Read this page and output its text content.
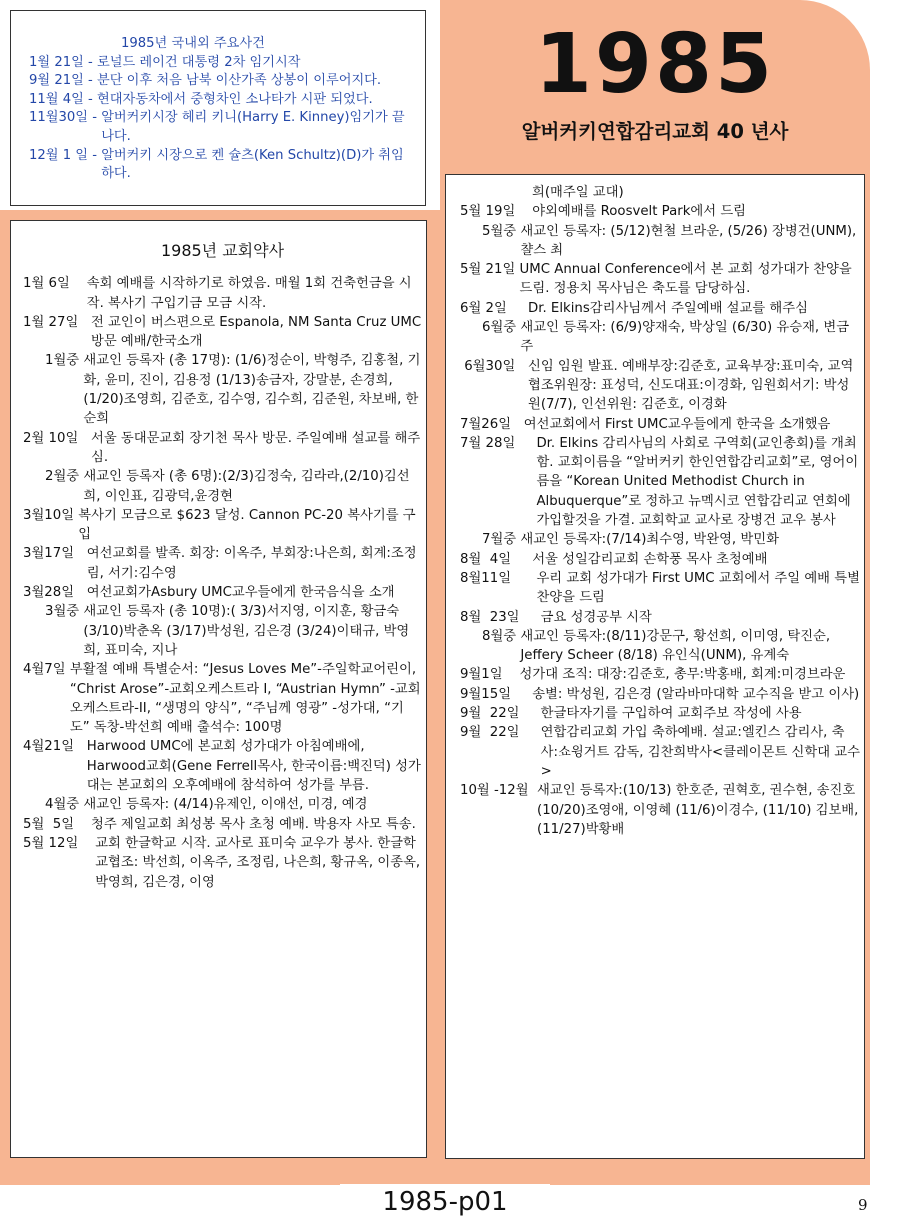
1985년 국내외 주요사건
1월 21일 - 로널드 레이건 대통령 2차 임기시작
9월 21일 - 분단 이후 처음 남북 이산가족 상봉이 이루어지다.
11월 4일 - 현대자동차에서 중형차인 소나타가 시판 되었다.
11월30일 - 알버커키시장 헤리 키니(Harry E. Kinney)임기가 끝나다.
12월 1 일 - 알버커키 시장으로 켄 슐츠(Ken Schultz)(D)가 취임하다.
1985
알버커키연합감리교회 40 년사
1985년 교회약사
1월 6일 속회 예배를 시작하기로 하였음. 매월 1회 건축헌금을 시작. 복사기 구입기금 모금 시작.
1월 27일 전 교인이 버스편으로 Espanola, NM Santa Cruz UMC방문 예배/한국소개
1월중 새교인 등록자 (총 17명): (1/6)정순이, 박형주, 김홍철, 기화, 윤미, 진이, 김용정 (1/13)송금자, 강말분, 손경희, (1/20)조영희, 김준호, 김수영, 김수희, 김준원, 차보배, 한순희
2월 10일 서울 동대문교회 장기천 목사 방문. 주일예배 설교를 해주심.
2월중 새교인 등록자 (총 6명):(2/3)김정숙, 김라라,(2/10)김선희, 이인표, 김광덕,윤경현
3월10일 복사기 모금으로 $623 달성. Cannon PC-20 복사기를 구입
3월17일 여선교회를 발족. 회장: 이옥주, 부회장:나은희, 회계:조정림, 서기:김수영
3월28일 여선교회가Asbury UMC교우들에게 한국음식을 소개
3월중 새교인 등록자 (총 10명):( 3/3)서지영, 이지훈, 황금숙 (3/10)박춘옥 (3/17)박성원, 김은경 (3/24)이태규, 박영희, 표미숙, 지나
4월7일 부활절 예배 특별순서: “Jesus Loves Me”-주일학교어린이, “Christ Arose”-교회오케스트라 I, “Austrian Hymn” -교회오케스트라-II, “생명의 양식”, “주님께 영광” -성가대, “기도” 독창-박선희 예배 출석수: 100명
4월21일 Harwood UMC에 본교회 성가대가 아침예배에, Harwood교회(Gene Ferrell목사, 한국이름:백진덕) 성가대는 본교회의 오후예배에 참석하여 성가를 부름.
4월중 새교인 등록자: (4/14)유제인, 이애선, 미경, 예경
5월  5일 청주 제일교회 최성봉 목사 초청 예배. 박용자 사모 특송.
5월 12일 교회 한글학교 시작. 교사로 표미숙 교우가 봉사. 한글학교협조: 박선희, 이옥주, 조정림, 나은희, 황규옥, 이종옥, 박영희, 김은경, 이영
희(매주일 교대)
5월 19일 야외예배를 Roosvelt Park에서 드림
5월중 새교인 등록자: (5/12)현철 브라운, (5/26) 장병건(UNM), 챨스 최
5월 21일 UMC Annual Conference에서 본 교회 성가대가 찬양을 드림. 정용치 목사님은 축도를 담당하심.
6월 2일 Dr. Elkins감리사님께서 주일예배 설교를 해주심
6월중 새교인 등록자: (6/9)양재숙, 박상일 (6/30) 유승재, 변금주
6월30일 신임 임원 발표. 예배부장:김준호, 교육부장:표미숙, 교역협조위원장: 표성덕, 신도대표:이경화, 임원회서기: 박성원(7/7), 인선위원: 김준호, 이경화
7월26일 여선교회에서 First UMC교우들에게 한국을 소개했음
7월 28일 Dr. Elkins 감리사님의 사회로 구역회(교인총회)를 개최함. 교회이름을 “알버커키 한인연합감리교회”로, 영어이름을 “Korean United Methodist Church in Albuquerque”로 정하고 뉴멕시코 연합감리교 연회에 가입할것을 가결. 교회학교 교사로 장병건 교우 봉사
7월중 새교인 등록자:(7/14)최수영, 박완영, 박민화
8월  4일 서울 성일감리교회 손학풍 목사 초청예배
8월11일 우리 교회 성가대가 First UMC 교회에서 주일 예배 특별 찬양을 드림
8월  23일 금요 성경공부 시작
8월중 새교인 등록자:(8/11)강문구, 황선희, 이미영, 탁진순, Jeffery Scheer (8/18) 유인식(UNM), 유계숙
9월1일 성가대 조직: 대장:김준호, 총무:박홍배, 회계:미경브라운
9월15일 송별: 박성원, 김은경 (알라바마대학 교수직을 받고 이사)
9월  22일 한글타자기를 구입하여 교회주보 작성에 사용
9월  22일 연합감리교회 가입 축하예배. 설교:엘킨스 감리사, 축사:쇼윙거트 감독, 김찬희박사<클레이몬트 신학대 교수>
10월 -12월 새교인 등록자:(10/13) 한호준, 권혁호, 권수현, 송진호 (10/20)조영애, 이영혜 (11/6)이경수, (11/10) 김보배, (11/27)박황배
1985-p01	9
